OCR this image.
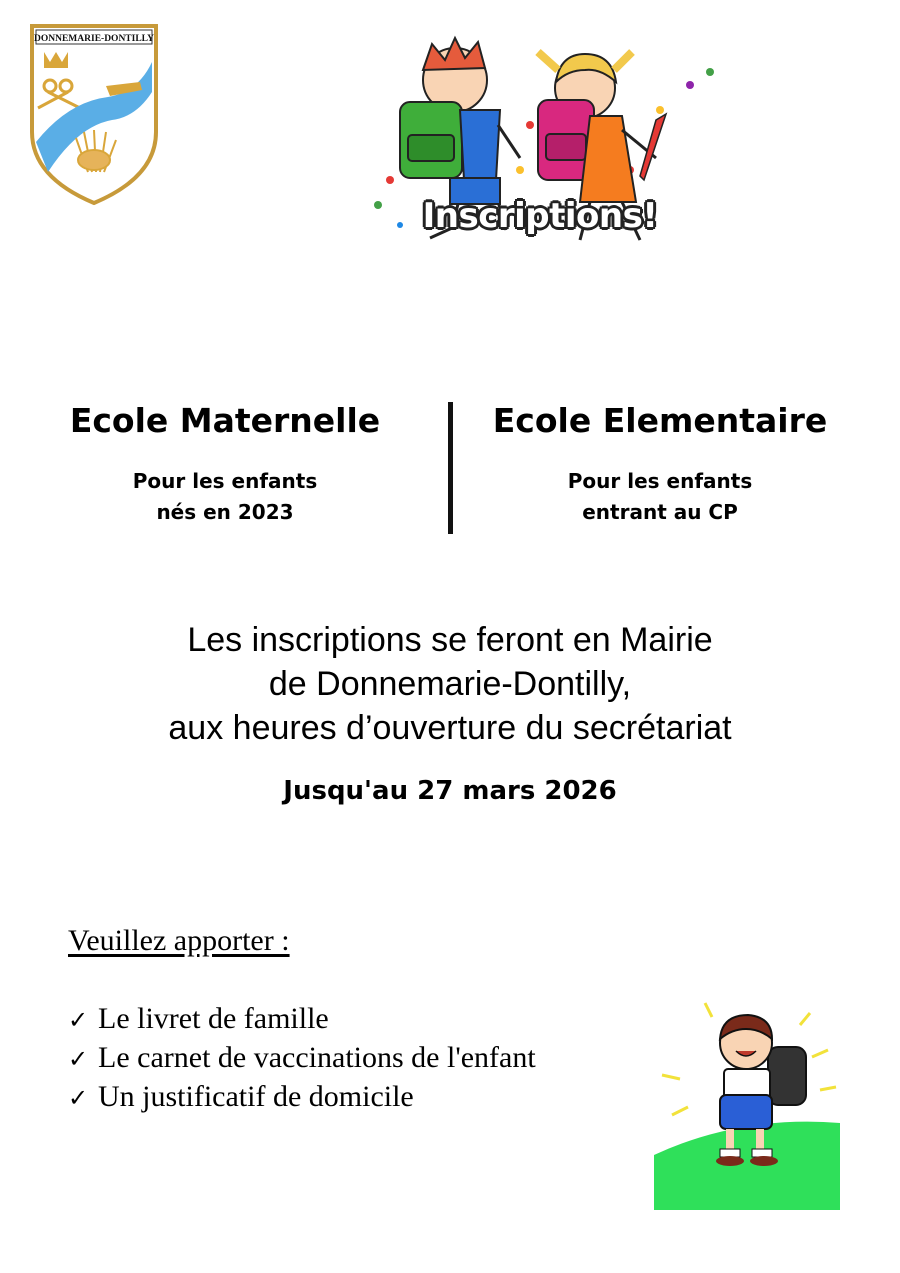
DONNEMARIE-DONTILLY
Inscriptions!
Ecole Maternelle
Pour les enfants
nés en 2023
Ecole Elementaire
Pour les enfants
entrant au CP
Les inscriptions se feront en Mairie
de Donnemarie-Dontilly,
aux heures d’ouverture du secrétariat
Jusqu'au 27 mars 2026
Veuillez apporter :
✓ Le livret de famille
✓ Le carnet de vaccinations de l'enfant
✓ Un justificatif de domicile
